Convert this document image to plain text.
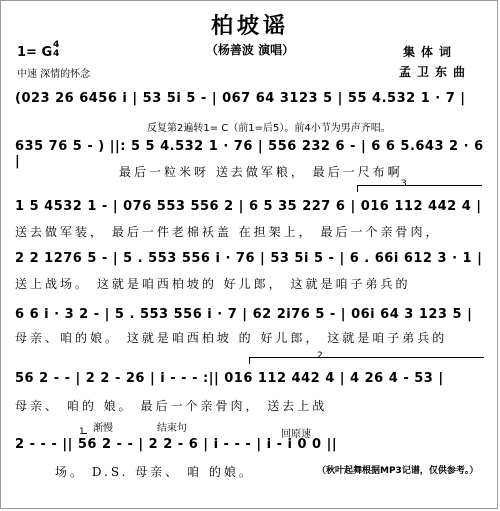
柏坡谣
（杨善波 演唱）
1= G 4
4
中速 深情的怀念
集体词
孟卫东曲
(023 26 6456 i | 53 5i 5 - | 067 64 3123 5 | 55 4.532 1 · 7 |
反复第2遍转1= C（前1=后5）。前4小节为男声齐唱。
635 76 5 - ) ||: 5 5 4.532 1 · 76 | 556 232 6 - | 6 6 5.643 2 · 6 |
最后一粒米呀 送去做军粮， 最后一尺布啊
3
1 5 4532 1 - | 076 553 556 2 | 6 5 35 227 6 | 016 112 442 4 |
送去做军装， 最后一件老棉袄盖 在担架上， 最后一个亲骨肉，
2 2 1276 5 - | 5 . 553 556 i · 76 | 53 5i 5 - | 6 . 66i 612 3 · 1 |
送上战场。 这就是咱西柏坡的 好儿郎， 这就是咱子弟兵的
6 6 i · 3 2 - | 5 . 553 556 i · 7 | 62 2i76 5 - | 06i 64 3 123 5 |
母亲、咱的娘。 这就是咱西柏坡 的 好儿郎， 这就是咱子弟兵的
2
56 2 - - | 2 2 - 26 | i - - - :|| 016 112 442 4 | 4 26 4 - 53 |
母亲、 咱的 娘。 最后一个亲骨肉， 送去上战
渐慢	结束句
回原速
1
2 - - - || 56 2 - - | 2 2 - 6 | i - - - | i - i 0 0 ||
场。 D.S. 母亲、 咱 的娘。	（秋叶起舞根据MP3记谱，仅供参考。）
